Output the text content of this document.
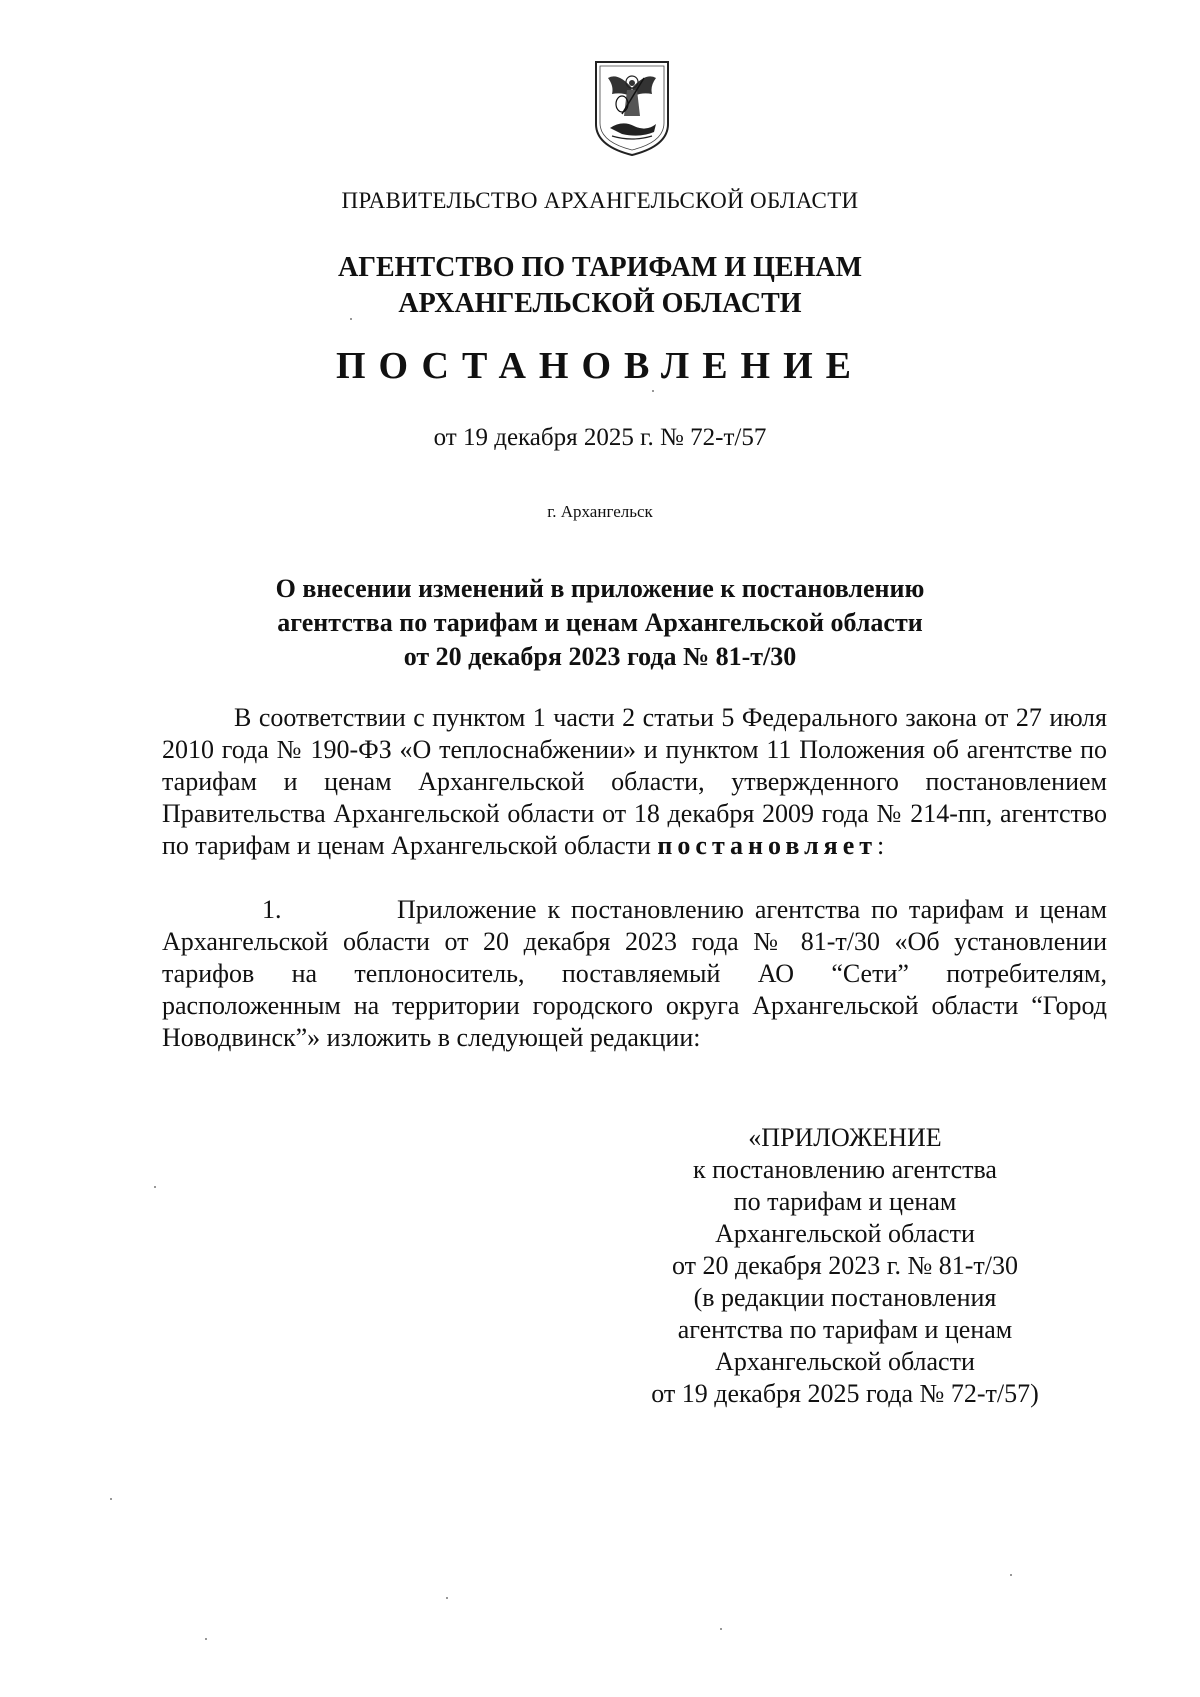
ПРАВИТЕЛЬСТВО АРХАНГЕЛЬСКОЙ ОБЛАСТИ
АГЕНТСТВО ПО ТАРИФАМ И ЦЕНАМ
АРХАНГЕЛЬСКОЙ ОБЛАСТИ
ПОСТАНОВЛЕНИЕ
от 19 декабря 2025 г. № 72-т/57
г. Архангельск
О внесении изменений в приложение к постановлению
агентства по тарифам и ценам Архангельской области
от 20 декабря 2023 года № 81-т/30
В соответствии с пунктом 1 части 2 статьи 5 Федерального закона от 27 июля 2010 года № 190-ФЗ «О теплоснабжении» и пунктом 11 Положения об агентстве по тарифам и ценам Архангельской области, утвержденного постановлением Правительства Архангельской области от 18 декабря 2009 года № 214-пп, агентство по тарифам и ценам Архангельской области постановляет:
1.	Приложение к постановлению агентства по тарифам и ценам Архангельской области от 20 декабря 2023 года № 81-т/30 «Об установлении тарифов на теплоноситель, поставляемый АО “Сети” потребителям, расположенным на территории городского округа Архангельской области “Город Новодвинск”» изложить в следующей редакции:
«ПРИЛОЖЕНИЕ
к постановлению агентства
по тарифам и ценам
Архангельской области
от 20 декабря 2023 г. № 81-т/30
(в редакции постановления
агентства по тарифам и ценам
Архангельской области
от 19 декабря 2025 года № 72-т/57)
